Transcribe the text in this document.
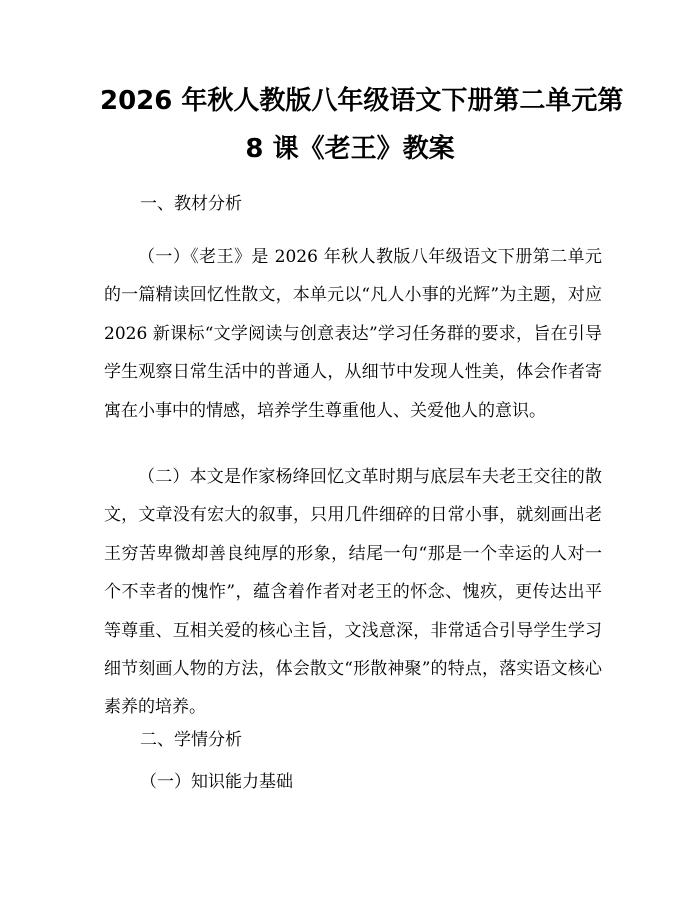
2026 年秋人教版八年级语文下册第二单元第
8 课《老王》教案
一、教材分析
（一）《老王》是 2026 年秋人教版八年级语文下册第二单元的一篇精读回忆性散文，本单元以“凡人小事的光辉”为主题，对应 2026 新课标“文学阅读与创意表达”学习任务群的要求，旨在引导学生观察日常生活中的普通人，从细节中发现人性美，体会作者寄寓在小事中的情感，培养学生尊重他人、关爱他人的意识。
（二）本文是作家杨绛回忆文革时期与底层车夫老王交往的散文，文章没有宏大的叙事，只用几件细碎的日常小事，就刻画出老王穷苦卑微却善良纯厚的形象，结尾一句“那是一个幸运的人对一个不幸者的愧怍”，蕴含着作者对老王的怀念、愧疚，更传达出平等尊重、互相关爱的核心主旨，文浅意深，非常适合引导学生学习细节刻画人物的方法，体会散文“形散神聚”的特点，落实语文核心素养的培养。
二、学情分析
（一）知识能力基础
